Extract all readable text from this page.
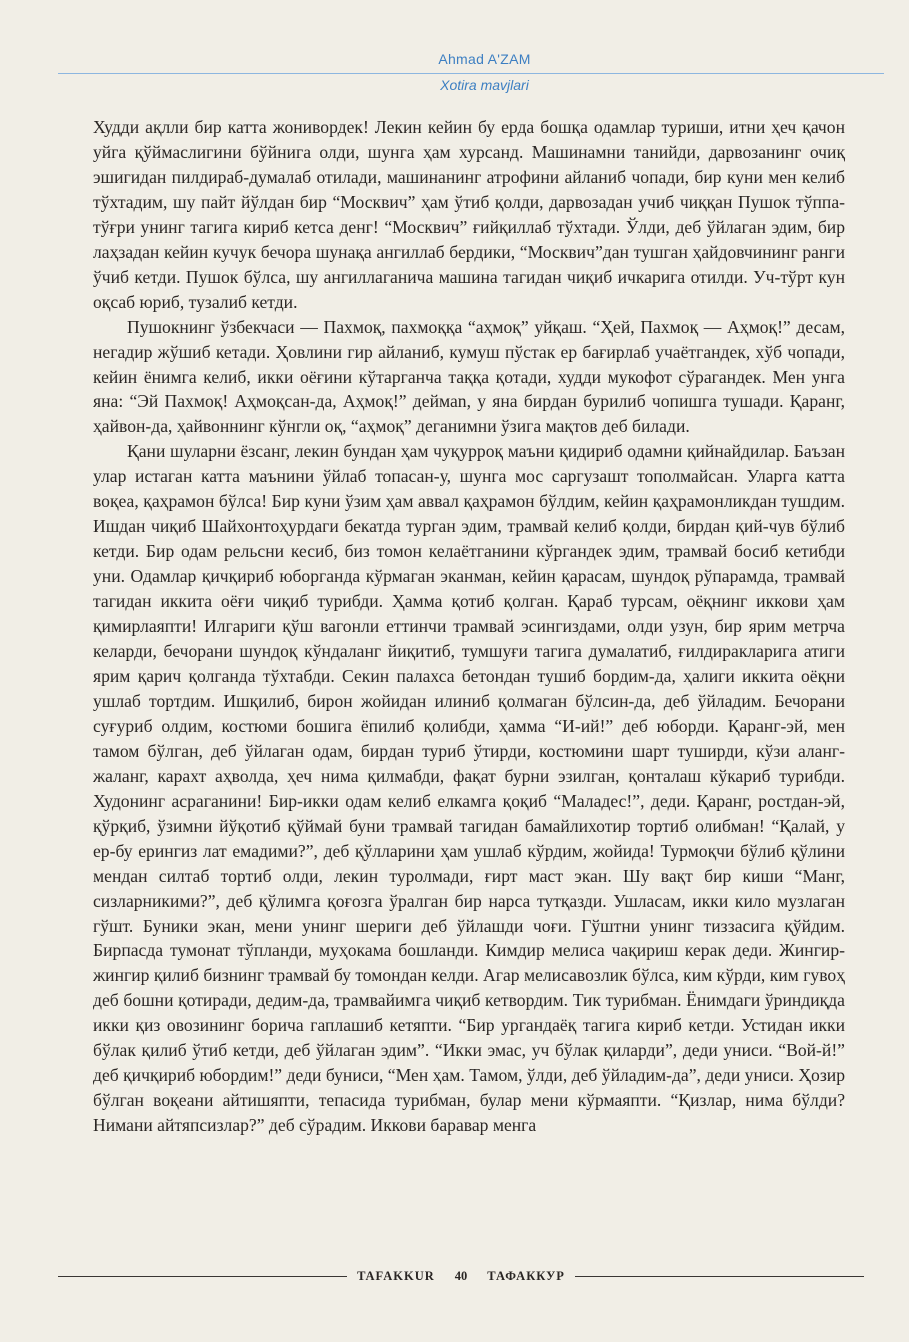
Ahmad A'ZAM
Xotira mavjlari

Худди ақлли бир катта жонивордек! Лекин кейин бу ерда бошқа одамлар туриши, итни ҳеч қачон уйга қўймаслигини бўйнига олди, шунга ҳам хурсанд. Машинамни танийди, дарвозанинг очиқ эшигидан пилдираб-думалаб отилади, машинанинг атрофини айланиб чопади, бир куни мен келиб тўхтадим, шу пайт йўлдан бир “Москвич” ҳам ўтиб қолди, дарвозадан учиб чиққан Пушок тўппа-тўғри унинг тагига кириб кетса денг! “Москвич” ғийқиллаб тўхтади. Ўлди, деб ўйлаган эдим, бир лаҳзадан кейин кучук бечора шунақа ангиллаб бердики, “Москвич”дан тушган ҳайдовчининг ранги ўчиб кетди. Пушок бўлса, шу ангиллаганича машина тагидан чиқиб ичкарига отилди. Уч-тўрт кун оқсаб юриб, тузалиб кетди.

Пушокнинг ўзбекчаси — Пахмоқ, пахмоққа “аҳмоқ” уйқаш. “Ҳей, Пахмоқ — Аҳмоқ!” десам, негадир жўшиб кетади. Ҳовлини гир айланиб, кумуш пўстак ер бағирлаб учаётгандек, хўб чопади, кейин ёнимга келиб, икки оёғини кўтарганча таққа қотади, худди мукофот сўрагандек. Мен унга яна: “Эй Пахмоқ! Аҳмоқсан-да, Аҳмоқ!” деймаn, у яна бирдан бурилиб чопишга тушади. Қаранг, ҳайвон-да, ҳайвоннинг кўнгли оқ, “аҳмоқ” деганимни ўзига мақтов деб билади.

Қани шуларни ёзсанг, лекин бундан ҳам чуқурроқ маъни қидириб одамни қийнайдилар. Баъзан улар истаган катта маънини ўйлаб топасан-у, шунга мос саргузашт тополмайсан. Уларга катта воқеа, қаҳрамон бўлса! Бир куни ўзим ҳам аввал қаҳрамон бўлдим, кейин қаҳрамонликдан тушдим. Ишдан чиқиб Шайхонтоҳурдаги бекатда турган эдим, трамвай келиб қолди, бирдан қий-чув бўлиб кетди. Бир одам рельсни кесиб, биз томон келаётганини кўргандек эдим, трамвай босиб кетибди уни. Одамлар қичқириб юборганда кўрмаган эканман, кейин қарасам, шундоқ рўпарамда, трамвай тагидан иккита оёғи чиқиб турибди. Ҳамма қотиб қолган. Қараб турсам, оёқнинг иккови ҳам қимирлаяпти! Илгариги қўш вагонли еттинчи трамвай эсингиздами, олди узун, бир ярим метрча келарди, бечорани шундоқ кўндаланг йиқитиб, тумшуғи тагига думалатиб, ғилдиракларига атиги ярим қарич қолганда тўхтабди. Секин палахса бетондан тушиб бордим-да, ҳалиги иккита оёқни ушлаб тортдим. Ишқилиб, бирон жойидан илиниб қолмаган бўлсин-да, деб ўйладим. Бечорани суғуриб олдим, костюми бошига ёпилиб қолибди, ҳамма “И-ий!” деб юборди. Қаранг-эй, мен тамом бўлган, деб ўйлаган одам, бирдан туриб ўтирди, костюмини шарт туширди, кўзи аланг-жаланг, карахт аҳволда, ҳеч нима қилмабди, фақат бурни эзилган, қонталаш кўкариб турибди. Худонинг асраганини! Бир-икки одам келиб елкамга қоқиб “Маладес!”, деди. Қаранг, ростдан-эй, қўрқиб, ўзимни йўқотиб қўймай буни трамвай тагидан бамайлихотир тортиб олибман! “Қалай, у ер-бу ерингиз лат емадими?”, деб қўлларини ҳам ушлаб кўрдим, жойида! Турмоқчи бўлиб қўлини мендан силтаб тортиб олди, лекин туролмади, ғирт маст экан. Шу вақт бир киши “Манг, сизларникими?”, деб қўлимга қоғозга ўралган бир нарса тутқазди. Ушласам, икки кило музлаган гўшт. Буники экан, мени унинг шериги деб ўйлашди чоғи. Гўштни унинг тиззасига қўйдим. Бирпасда тумонат тўпланди, муҳокама бошланди. Кимдир мелиса чақириш керак деди. Жингир-жингир қилиб бизнинг трамвай бу томондан келди. Агар мелисавозлик бўлса, ким кўрди, ким гувоҳ деб бошни қотиради, дедим-да, трамвайимга чиқиб кетвордим. Тик турибман. Ёнимдаги ўриндиқда икки қиз овозининг борича гаплашиб кетяпти. “Бир ургандаёқ тагига кириб кетди. Устидан икки бўлак қилиб ўтиб кетди, деб ўйлаган эдим”. “Икки эмас, уч бўлак қиларди”, деди униси. “Вой-й!” деб қичқириб юбордим!” деди буниси, “Мен ҳам. Тамом, ўлди, деб ўйладим-да”, деди униси. Ҳозир бўлган воқеани айтишяпти, тепасида турибман, булар мени кўрмаяпти. “Қизлар, нима бўлди? Нимани айтяпсизлар?” деб сўрадим. Иккови баравар менга

TAFAKKUR	40	ТАФАККУР
